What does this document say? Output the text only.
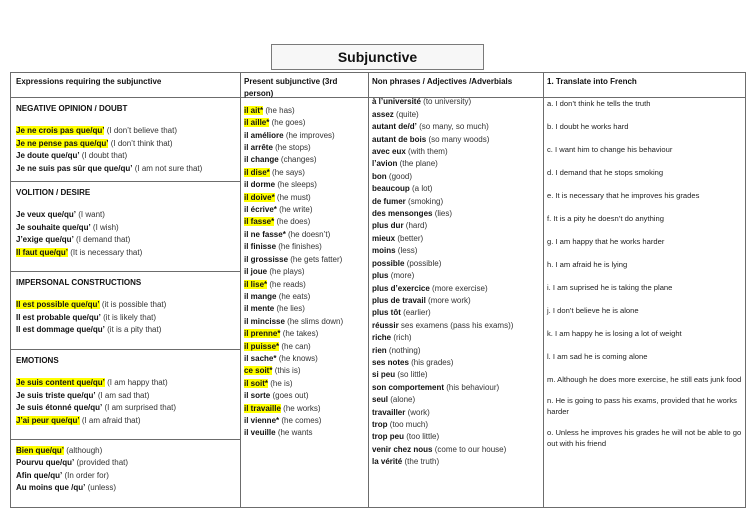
Subjunctive
Expressions requiring the subjunctive
NEGATIVE OPINION / DOUBT
Je ne crois pas que/qu’ (I don’t believe that)
Je ne pense pas que/qu’ (I don’t think that)
Je doute que/qu’ (I doubt that)
Je ne suis pas sûr que que/qu’ (I am not sure that)
VOLITION / DESIRE
Je veux que/qu’ (I want)
Je souhaite que/qu’ (I wish)
J’exige que/qu’ (I demand that)
Il faut que/qu’ (It is necessary that)
IMPERSONAL CONSTRUCTIONS
Il est possible que/qu’ (it is possible that)
Il est probable que/qu’ (it is likely that)
Il est dommage que/qu’ (it is a pity that)
EMOTIONS
Je suis content que/qu’ (I am happy that)
Je suis triste que/qu’ (I am sad that)
Je suis étonné que/qu’ (I am surprised that)
J’ai peur que/qu’ (I am afraid that)
Bien que/qu’ (although)
Pourvu que/qu’ (provided that)
Afin que/qu’ (In order for)
Au moins que /qu’ (unless)
Present subjunctive (3rd person)
il ait* (he has)
il aille* (he goes)
il améliore (he improves)
il arrête (he stops)
il change (changes)
il dise* (he says)
il dorme (he sleeps)
il doive* (he must)
il écrive* (he write)
il fasse* (he does)
il ne fasse* (he doesn’t)
il finisse (he finishes)
il grossisse (he gets fatter)
il joue (he plays)
il lise* (he reads)
il mange (he eats)
il mente (he lies)
il mincisse (he slims down)
il prenne* (he takes)
il puisse* (he can)
il sache* (he knows)
ce soit* (this is)
il soit* (he is)
il sorte (goes out)
il travaille (he works)
il vienne* (he comes)
il veuille (he wants
Non phrases / Adjectives /Adverbials
à l’université (to university)
assez (quite)
autant de/d’ (so many, so much)
autant de bois (so many woods)
avec eux (with them)
l’avion (the plane)
bon (good)
beaucoup (a lot)
de fumer (smoking)
des mensonges (lies)
plus dur (hard)
mieux (better)
moins (less)
possible (possible)
plus (more)
plus d’exercice (more exercise)
plus de travail (more work)
plus tôt (earlier)
réussir ses examens (pass his exams))
riche (rich)
rien (nothing)
ses notes (his grades)
si peu (so little)
son comportement (his behaviour)
seul (alone)
travailler (work)
trop (too much)
trop peu (too little)
venir chez nous (come to our house)
la vérité (the truth)
1. Translate into French
a. I don’t think he tells the truth
b. I doubt he works hard
c. I want him to change his behaviour
d. I demand that he stops smoking
e. It is necessary that he improves his grades
f. It is a pity he doesn’t do anything
g. I am happy that he works harder
h. I am afraid he is lying
i. I am suprised he is taking the plane
j. I don’t believe he is alone
k. I am happy he is losing a lot of weight
l. I am sad he is coming alone
m. Although he does more exercise, he still eats junk food
n. He is going to pass his exams, provided that he works harder
o. Unless he improves his grades he will not be able to go out with his friend
